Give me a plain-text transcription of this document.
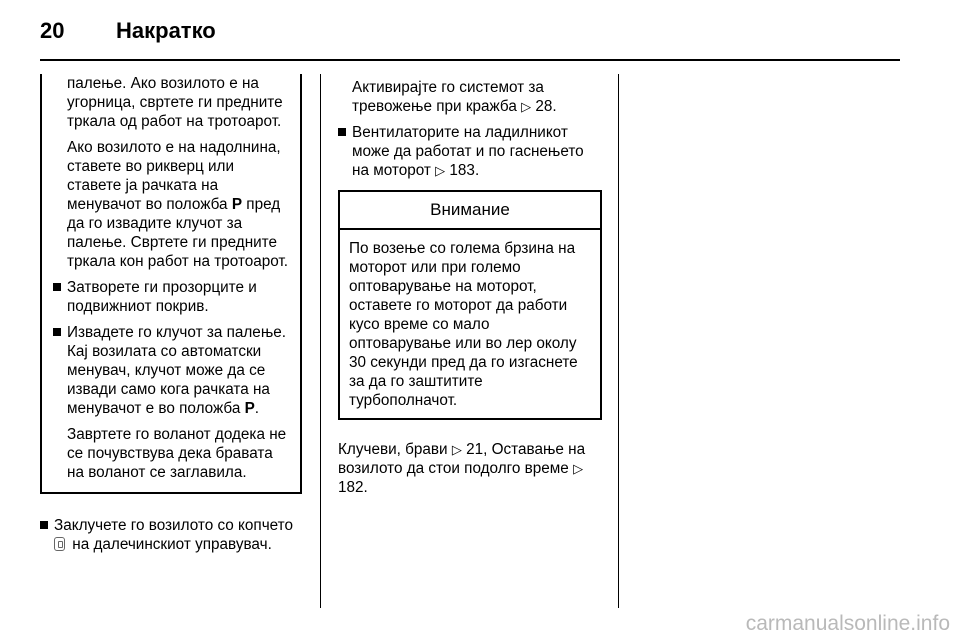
20 Накратко

палење. Ако возилото е на угорница, свртете ги предните тркала од работ на тротоарот.

Ако возилото е на надолнина, ставете во рикверц или ставете ја рачката на менувачот во положба P пред да го извадите клучот за палење. Свртете ги предните тркала кон работ на тротоарот.

Затворете ги прозорците и подвижниот покрив.
Извадете го клучот за палење. Кај возилата со автоматски менувач, клучот може да се извади само кога рачката на менувачот е во положба P.

Завртете го воланот додека не се почувствува дека бравата на воланот се заглавила.

Заклучете го возилото со копчето  на далечинскиот управувач.

Активирајте го системот за тревожење при кражба ▷ 28.

Вентилаторите на ладилникот може да работат и по гаснењето на моторот ▷ 183.
Внимание
По возење со голема брзина на моторот или при големо оптоварување на моторот, оставете го моторот да работи кусо време со мало оптоварување или во лер околу 30 секунди пред да го изгаснете за да го заштитите турбополначот.

Клучеви, брави ▷ 21, Оставање на возилото да стои подолго време ▷ 182.

carmanualsonline.info
